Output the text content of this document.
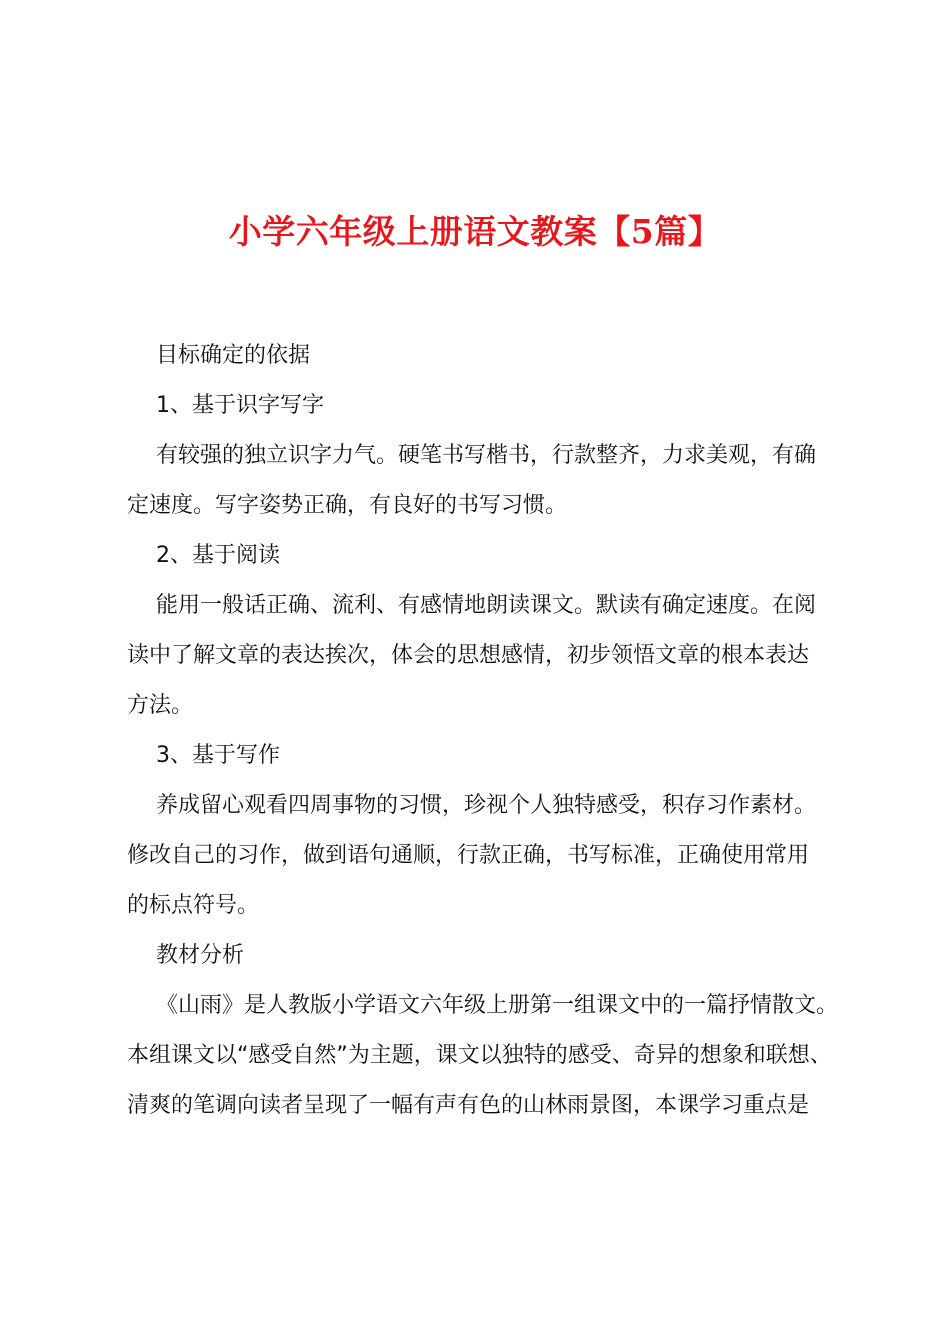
小学六年级上册语文教案【5篇】
目标确定的依据
1、基于识字写字
有较强的独立识字力气。硬笔书写楷书，行款整齐，力求美观，有确
定速度。写字姿势正确，有良好的书写习惯。
2、基于阅读
能用一般话正确、流利、有感情地朗读课文。默读有确定速度。在阅
读中了解文章的表达挨次，体会的思想感情，初步领悟文章的根本表达
方法。
3、基于写作
养成留心观看四周事物的习惯，珍视个人独特感受，积存习作素材。
修改自己的习作，做到语句通顺，行款正确，书写标准，正确使用常用
的标点符号。
教材分析
《山雨》是人教版小学语文六年级上册第一组课文中的一篇抒情散文。
本组课文以“感受自然”为主题，课文以独特的感受、奇异的想象和联想、
清爽的笔调向读者呈现了一幅有声有色的山林雨景图，本课学习重点是
